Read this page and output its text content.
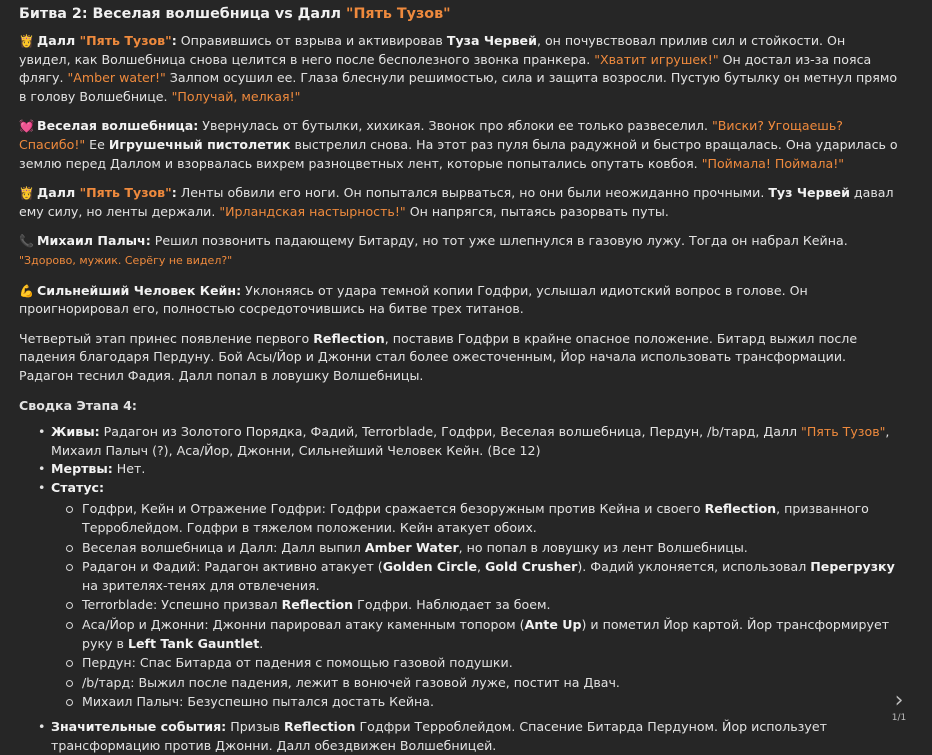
Битва 2: Веселая волшебница vs Далл "Пять Тузов"
👸 Далл "Пять Тузов": Оправившись от взрыва и активировав Туза Червей, он почувствовал прилив сил и стойкости. Он увидел, как Волшебница снова целится в него после бесполезного звонка пранкера. "Хватит игрушек!" Он достал из-за пояса флягу. "Amber water!" Залпом осушил ее. Глаза блеснули решимостью, сила и защита возросли. Пустую бутылку он метнул прямо в голову Волшебнице. "Получай, мелкая!"
💓 Веселая волшебница: Увернулась от бутылки, хихикая. Звонок про яблоки ее только развеселил. "Виски? Угощаешь? Спасибо!" Ее Игрушечный пистолетик выстрелил снова. На этот раз пуля была радужной и быстро вращалась. Она ударилась о землю перед Даллом и взорвалась вихрем разноцветных лент, которые попытались опутать ковбоя. "Поймала! Поймала!"
👸 Далл "Пять Тузов": Ленты обвили его ноги. Он попытался вырваться, но они были неожиданно прочными. Туз Червей давал ему силу, но ленты держали. "Ирландская настырность!" Он напрягся, пытаясь разорвать путы.
📞 Михаил Палыч: Решил позвонить падающему Битарду, но тот уже шлепнулся в газовую лужу. Тогда он набрал Кейна. "Здорово, мужик. Серёгу не видел?"
💪 Сильнейший Человек Кейн: Уклоняясь от удара темной копии Годфри, услышал идиотский вопрос в голове. Он проигнорировал его, полностью сосредоточившись на битве трех титанов.
Четвертый этап принес появление первого Reflection, поставив Годфри в крайне опасное положение. Битард выжил после падения благодаря Пердуну. Бой Асы/Йор и Джонни стал более ожесточенным, Йор начала использовать трансформации. Радагон теснил Фадия. Далл попал в ловушку Волшебницы.
Сводка Этапа 4:
• Живы: Радагон из Золотого Порядка, Фадий, Terrorblade, Годфри, Веселая волшебница, Пердун, /b/тард, Далл "Пять Тузов", Михаил Палыч (?), Аса/Йор, Джонни, Сильнейший Человек Кейн. (Все 12)
• Мертвы: Нет.
• Статус:
Годфри, Кейн и Отражение Годфри: Годфри сражается безоружным против Кейна и своего Reflection, призванного Терроблейдом. Годфри в тяжелом положении. Кейн атакует обоих.
Веселая волшебница и Далл: Далл выпил Amber Water, но попал в ловушку из лент Волшебницы.
Радагон и Фадий: Радагон активно атакует (Golden Circle, Gold Crusher). Фадий уклоняется, использовал Перегрузку на зрителях-тенях для отвлечения.
Terrorblade: Успешно призвал Reflection Годфри. Наблюдает за боем.
Аса/Йор и Джонни: Джонни парировал атаку каменным топором (Ante Up) и пометил Йор картой. Йор трансформирует руку в Left Tank Gauntlet.
Пердун: Спас Битарда от падения с помощью газовой подушки.
/b/тард: Выжил после падения, лежит в вонючей газовой луже, постит на Двач.
Михаил Палыч: Безуспешно пытался достать Кейна.
• Значительные события: Призыв Reflection Годфри Терроблейдом. Спасение Битарда Пердуном. Йор использует трансформацию против Джонни. Далл обездвижен Волшебницей.
›
1/1
